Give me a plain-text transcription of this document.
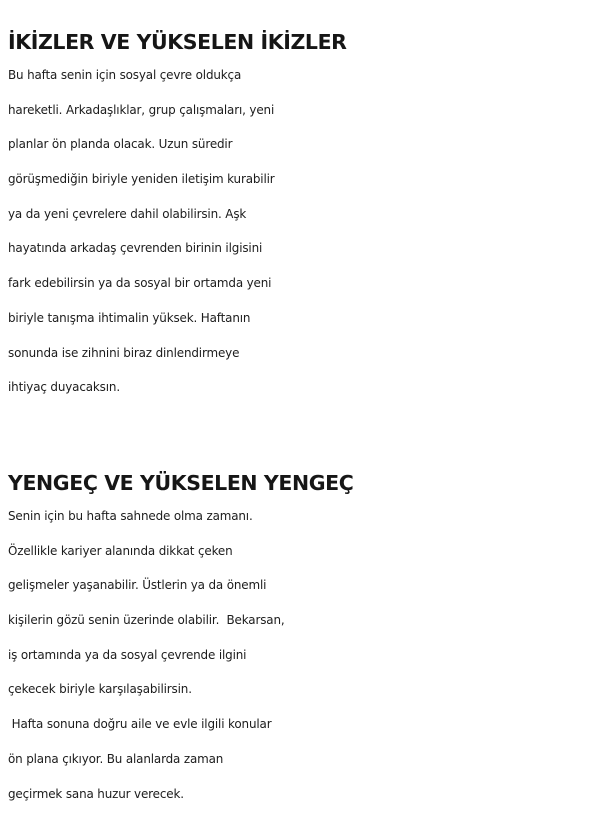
İKİZLER VE YÜKSELEN İKİZLER
Bu hafta senin için sosyal çevre oldukça
hareketli. Arkadaşlıklar, grup çalışmaları, yeni
planlar ön planda olacak. Uzun süredir
görüşmediğin biriyle yeniden iletişim kurabilir
ya da yeni çevrelere dahil olabilirsin. Aşk
hayatında arkadaş çevrenden birinin ilgisini
fark edebilirsin ya da sosyal bir ortamda yeni
biriyle tanışma ihtimalin yüksek. Haftanın
sonunda ise zihnini biraz dinlendirmeye
ihtiyaç duyacaksın.
YENGEÇ VE YÜKSELEN YENGEÇ
Senin için bu hafta sahnede olma zamanı.
Özellikle kariyer alanında dikkat çeken
gelişmeler yaşanabilir. Üstlerin ya da önemli
kişilerin gözü senin üzerinde olabilir.  Bekarsan,
iş ortamında ya da sosyal çevrende ilgini
çekecek biriyle karşılaşabilirsin.
Hafta sonuna doğru aile ve evle ilgili konular
ön plana çıkıyor. Bu alanlarda zaman
geçirmek sana huzur verecek.
